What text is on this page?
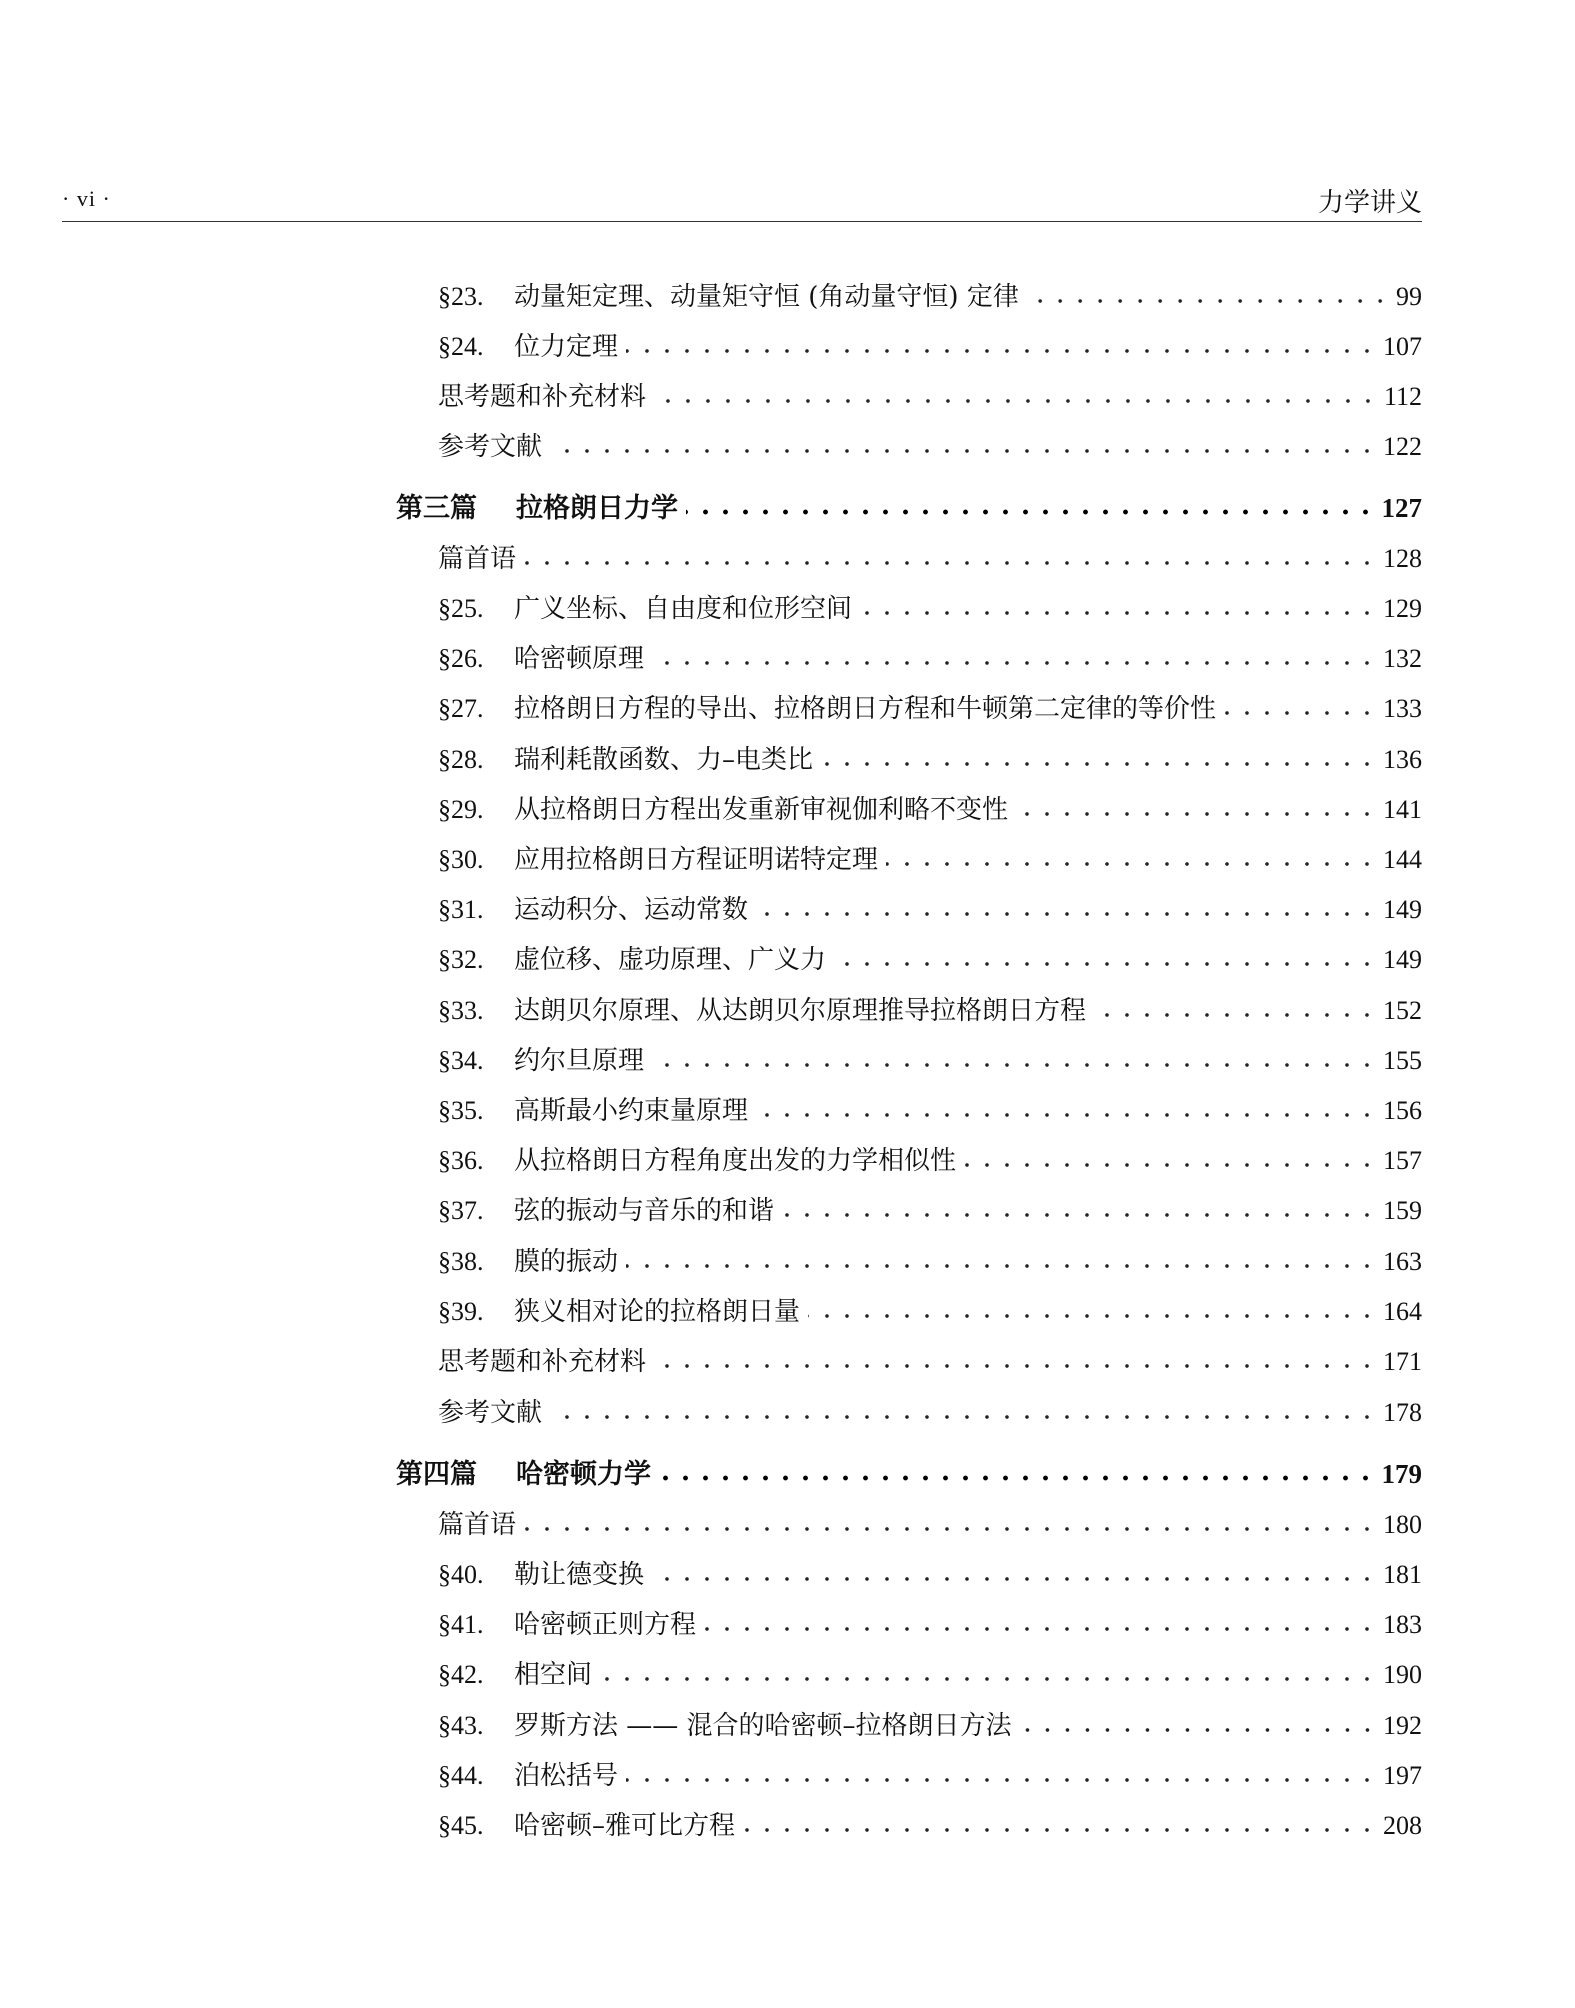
· vi ·	力学讲义
§23. 动量矩定理、动量矩守恒 (角动量守恒) 定律	99
§24. 位力定理	107
思考题和补充材料	112
参考文献	122
第三篇 拉格朗日力学	127
篇首语	128
§25. 广义坐标、自由度和位形空间	129
§26. 哈密顿原理	132
§27. 拉格朗日方程的导出、拉格朗日方程和牛顿第二定律的等价性	133
§28. 瑞利耗散函数、力–电类比	136
§29. 从拉格朗日方程出发重新审视伽利略不变性	141
§30. 应用拉格朗日方程证明诺特定理	144
§31. 运动积分、运动常数	149
§32. 虚位移、虚功原理、广义力	149
§33. 达朗贝尔原理、从达朗贝尔原理推导拉格朗日方程	152
§34. 约尔旦原理	155
§35. 高斯最小约束量原理	156
§36. 从拉格朗日方程角度出发的力学相似性	157
§37. 弦的振动与音乐的和谐	159
§38. 膜的振动	163
§39. 狭义相对论的拉格朗日量	164
思考题和补充材料	171
参考文献	178
第四篇 哈密顿力学	179
篇首语	180
§40. 勒让德变换	181
§41. 哈密顿正则方程	183
§42. 相空间	190
§43. 罗斯方法 —— 混合的哈密顿–拉格朗日方法	192
§44. 泊松括号	197
§45. 哈密顿–雅可比方程	208
